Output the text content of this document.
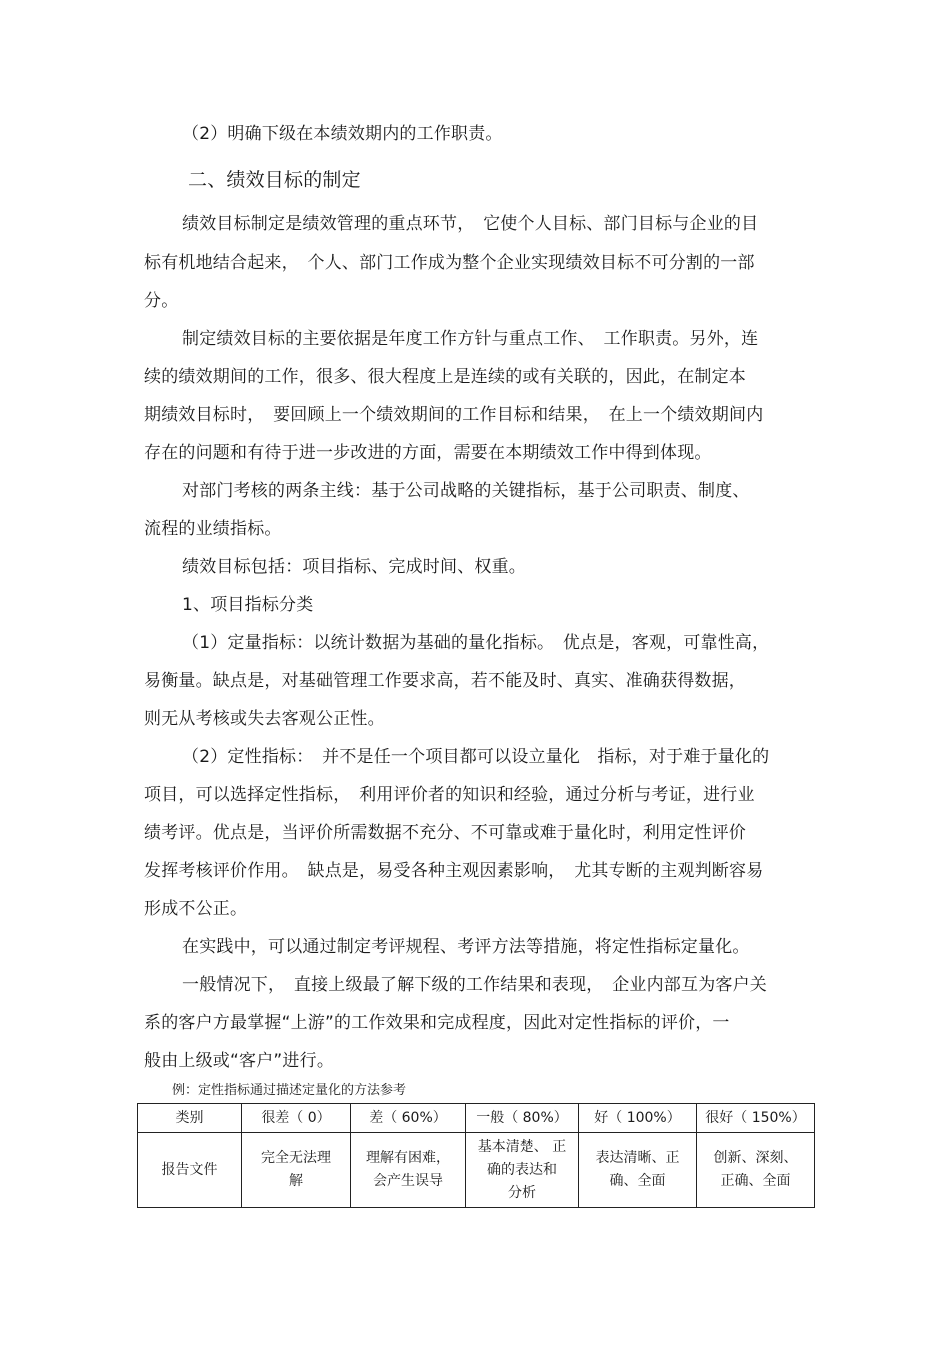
（2）明确下级在本绩效期内的工作职责。
二、绩效目标的制定
绩效目标制定是绩效管理的重点环节，　它使个人目标、部门目标与企业的目
标有机地结合起来，　个人、部门工作成为整个企业实现绩效目标不可分割的一部
分。
制定绩效目标的主要依据是年度工作方针与重点工作、　工作职责。另外，连
续的绩效期间的工作，很多、很大程度上是连续的或有关联的，因此，在制定本
期绩效目标时，　要回顾上一个绩效期间的工作目标和结果，　在上一个绩效期间内
存在的问题和有待于进一步改进的方面，需要在本期绩效工作中得到体现。
对部门考核的两条主线：基于公司战略的关键指标，基于公司职责、制度、
流程的业绩指标。
绩效目标包括：项目指标、完成时间、权重。
1、项目指标分类
（1）定量指标：以统计数据为基础的量化指标。　优点是，客观，可靠性高，
易衡量。缺点是，对基础管理工作要求高，若不能及时、真实、准确获得数据，
则无从考核或失去客观公正性。
（2）定性指标：　并不是任一个项目都可以设立量化　指标，对于难于量化的
项目，可以选择定性指标，　利用评价者的知识和经验，通过分析与考证，进行业
绩考评。优点是，当评价所需数据不充分、不可靠或难于量化时，利用定性评价
发挥考核评价作用。　缺点是，易受各种主观因素影响，　尤其专断的主观判断容易
形成不公正。
在实践中，可以通过制定考评规程、考评方法等措施，将定性指标定量化。
一般情况下，　直接上级最了解下级的工作结果和表现，　企业内部互为客户关
系的客户方最掌握“上游”的工作效果和完成程度，因此对定性指标的评价，一
般由上级或“客户”进行。
例：定性指标通过描述定量化的方法参考
类别	很差（ 0）	差（ 60%）	一般（ 80%）	好（ 100%）	很好（ 150%）
报告文件	完全无法理
解	理解有困难，
会产生误导	基本清楚、 正
确的表达和
分析	表达清晰、正
确、全面	创新、深刻、
正确、全面
